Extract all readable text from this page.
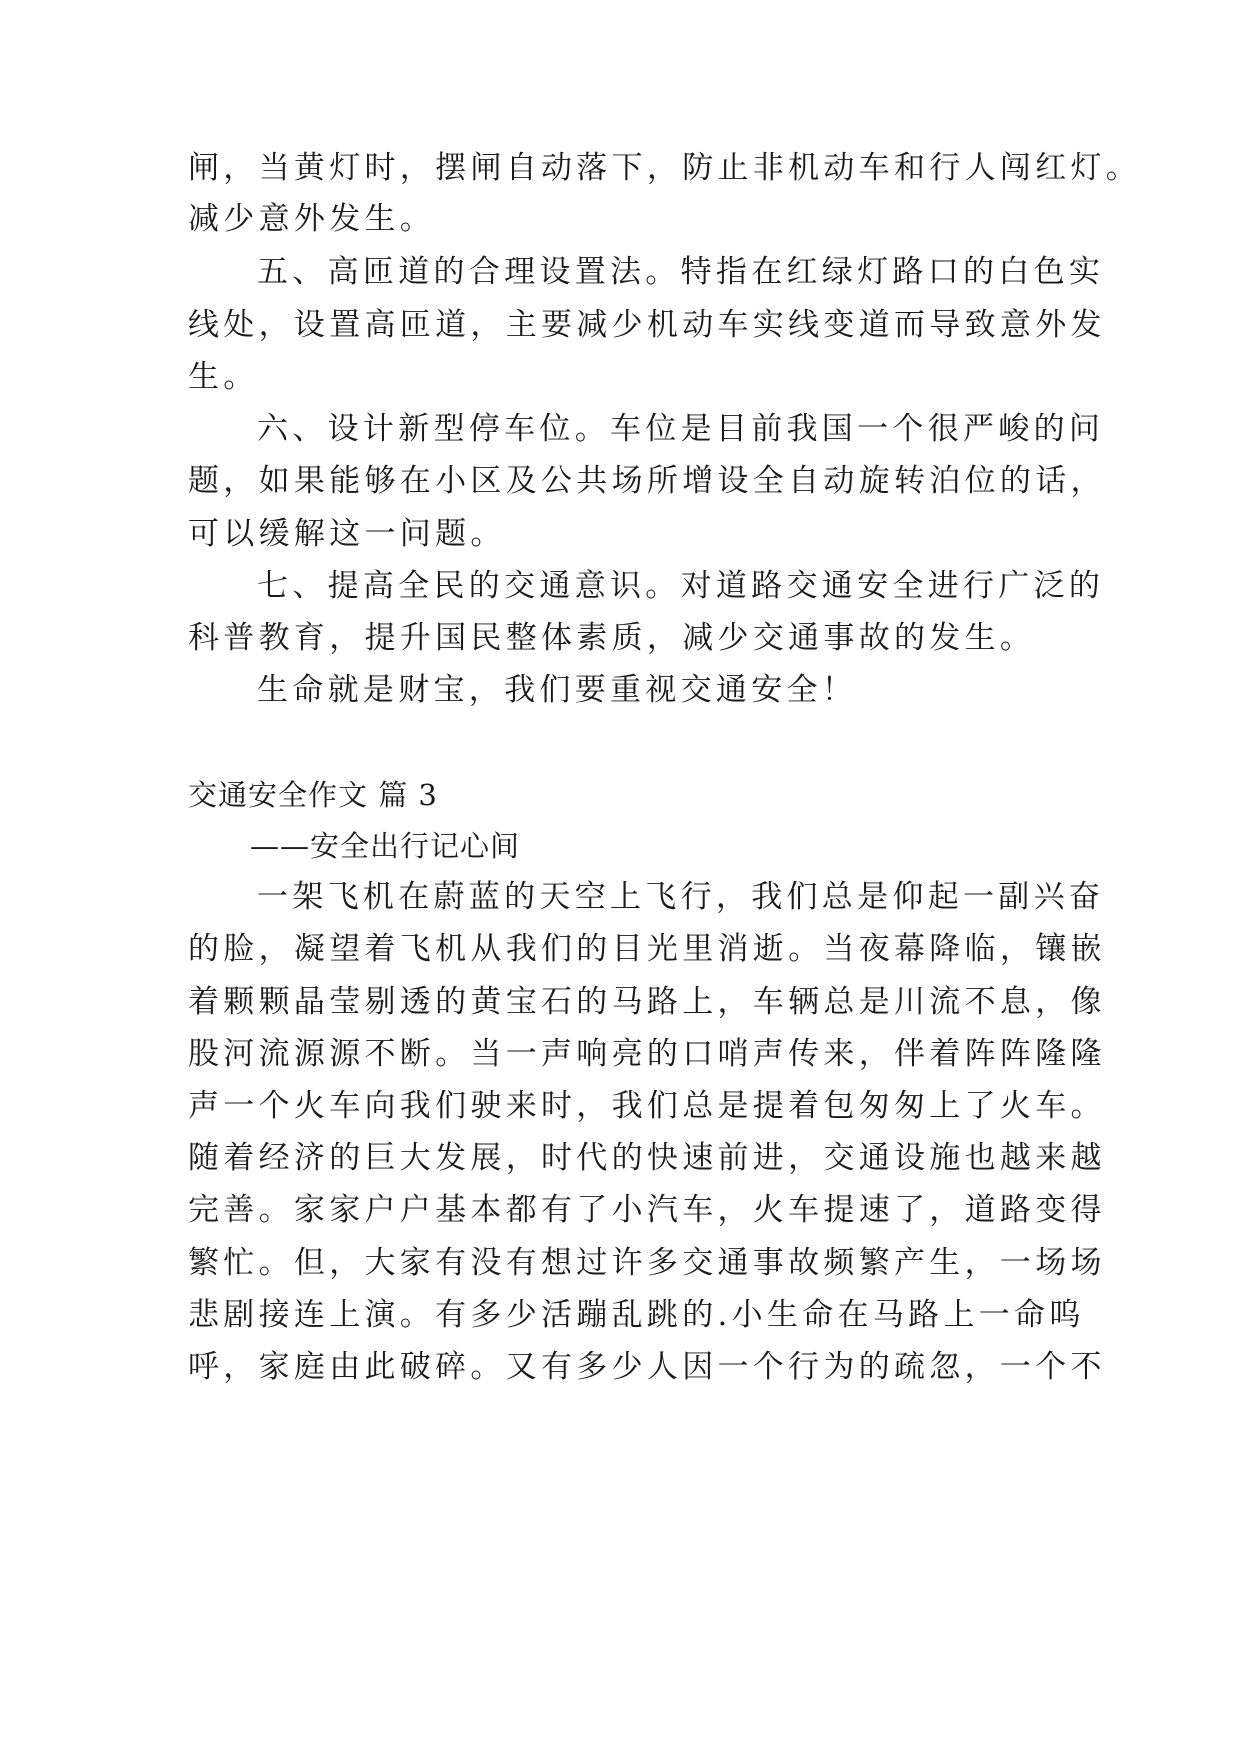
闸，当黄灯时，摆闸自动落下，防止非机动车和行人闯红灯。
减少意外发生。
五、高匝道的合理设置法。特指在红绿灯路口的白色实
线处，设置高匝道，主要减少机动车实线变道而导致意外发
生。
六、设计新型停车位。车位是目前我国一个很严峻的问
题，如果能够在小区及公共场所增设全自动旋转泊位的话，
可以缓解这一问题。
七、提高全民的交通意识。对道路交通安全进行广泛的
科普教育，提升国民整体素质，减少交通事故的发生。
生命就是财宝，我们要重视交通安全！
交通安全作文 篇 3
——安全出行记心间
一架飞机在蔚蓝的天空上飞行，我们总是仰起一副兴奋
的脸，凝望着飞机从我们的目光里消逝。当夜幕降临，镶嵌
着颗颗晶莹剔透的黄宝石的马路上，车辆总是川流不息，像
股河流源源不断。当一声响亮的口哨声传来，伴着阵阵隆隆
声一个火车向我们驶来时，我们总是提着包匆匆上了火车。
随着经济的巨大发展，时代的快速前进，交通设施也越来越
完善。家家户户基本都有了小汽车，火车提速了，道路变得
繁忙。但，大家有没有想过许多交通事故频繁产生，一场场
悲剧接连上演。有多少活蹦乱跳的.小生命在马路上一命呜
呼，家庭由此破碎。又有多少人因一个行为的疏忽，一个不
